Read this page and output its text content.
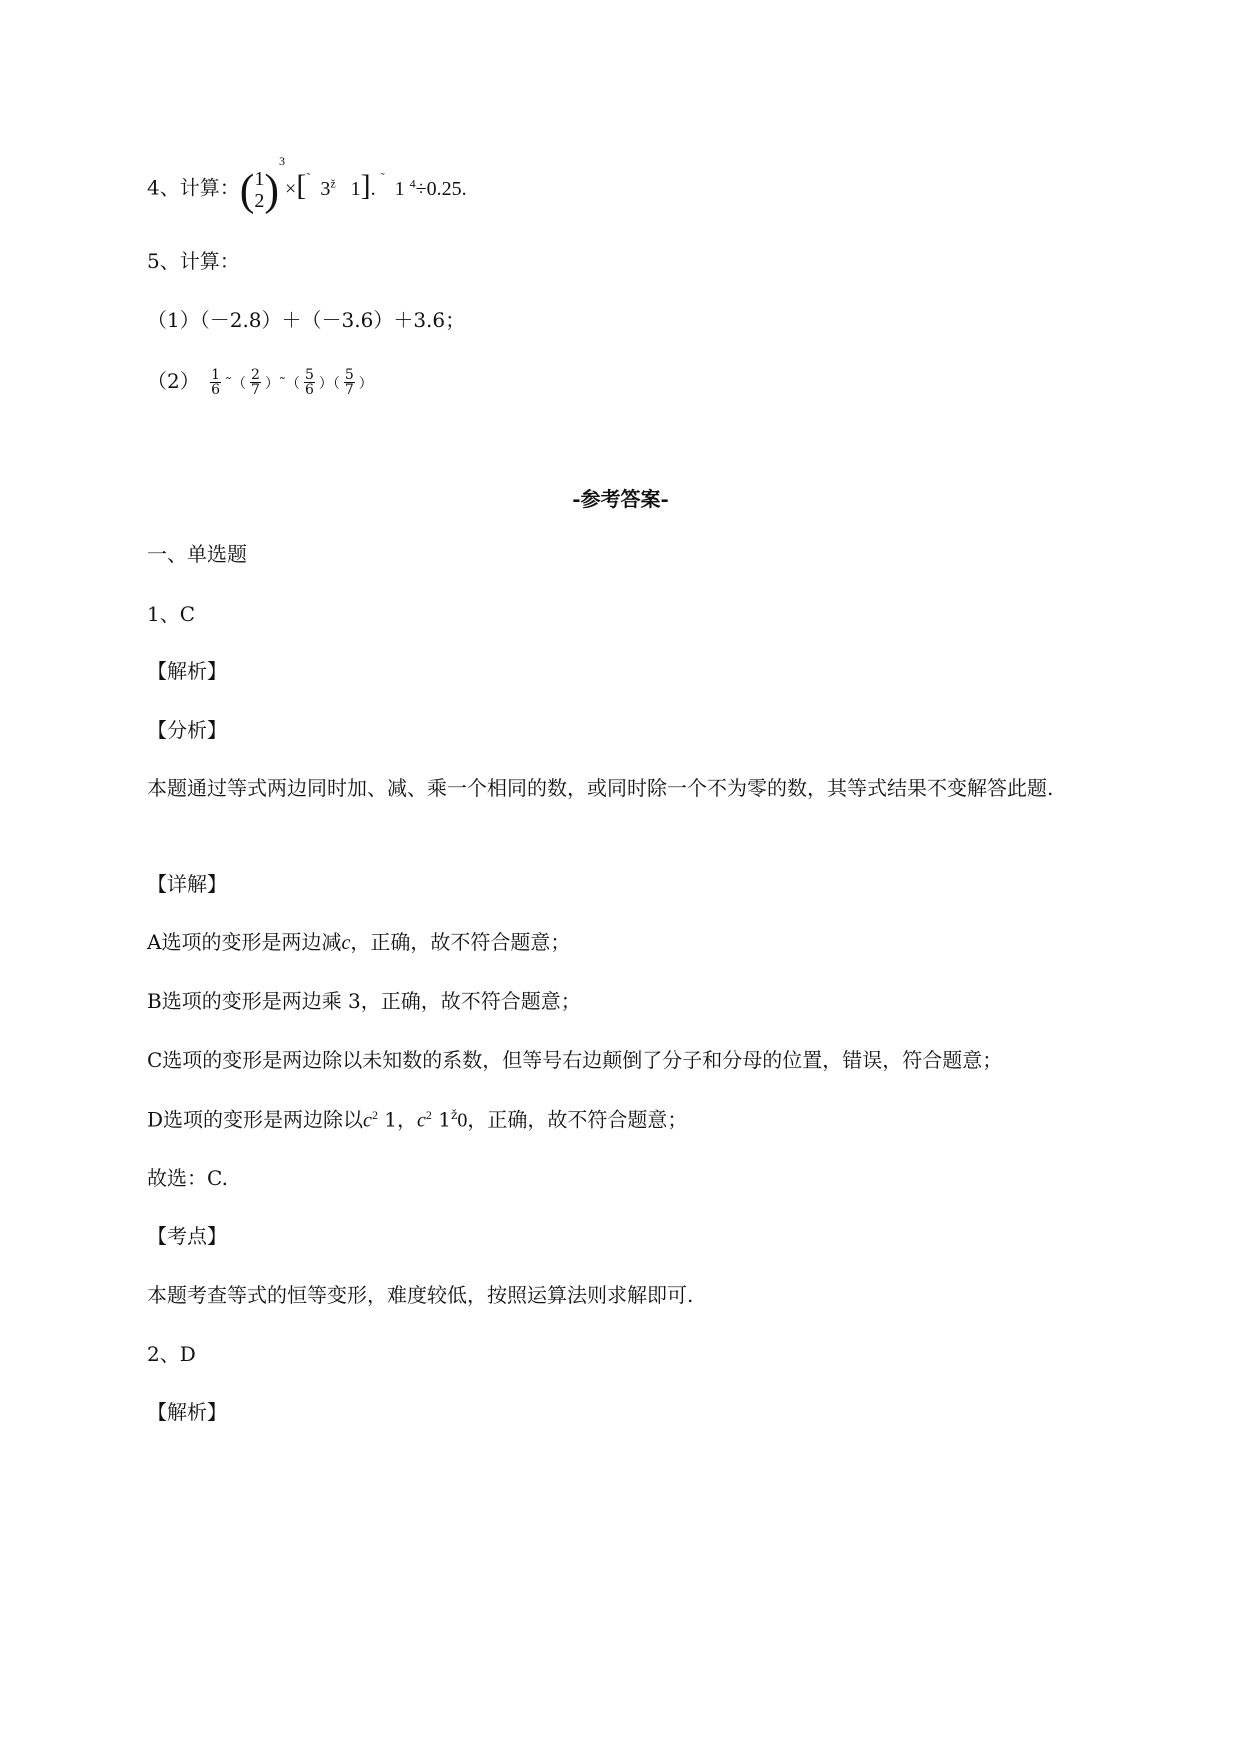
4、计算：( 1
2 )$^3$×[˜  $3^ž$ 1]. ˜  1 $^4$÷0.25.
5、计算：
（1）（－2.8）＋（－3.6）＋3.6；
$(2) \frac{1}{6}$ ˜（ $\frac{2}{7}$ ）˜（ $\frac{5}{6}$ ）（ $\frac{5}{7}$ ）
-参考答案-
一、单选题
1、C
【解析】
【分析】
本题通过等式两边同时加、减、乘一个相同的数，或同时除一个不为零的数，其等式结果不变解答此题.
【详解】
A选项的变形是两边减c，正确，故不符合题意；
B选项的变形是两边乘 3，正确，故不符合题意；
C选项的变形是两边除以未知数的系数，但等号右边颠倒了分子和分母的位置，错误，符合题意；
D选项的变形是两边除以$c^2$ 1，$c^2$ $1^ž0$，正确，故不符合题意；
故选：C.
【考点】
本题考查等式的恒等变形，难度较低，按照运算法则求解即可.
2、D
【解析】
